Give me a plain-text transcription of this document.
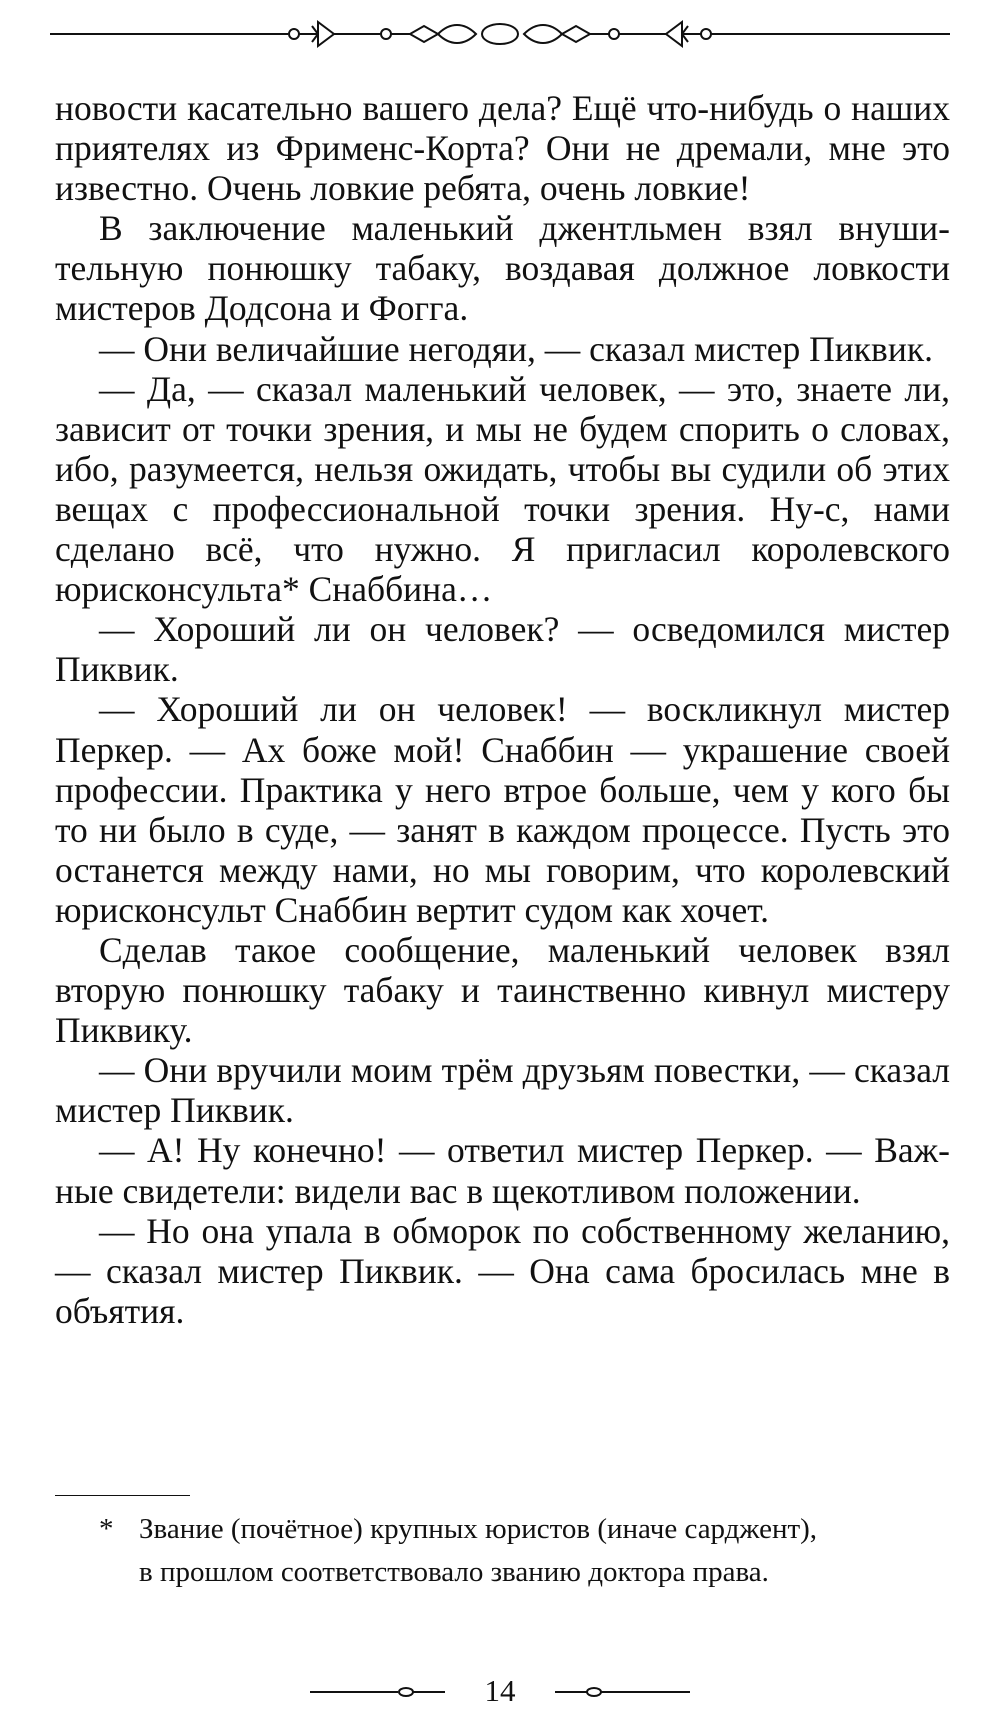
новости касательно вашего дела? Ещё что-нибудь о наших приятелях из Фрименс-Корта? Они не дремали, мне это известно. Очень ловкие ребята, очень ловкие!

В заключение маленький джентльмен взял внушительную понюшку табаку, воздавая должное ловкости мистеров Додсона и Фогга.

— Они величайшие негодяи, — сказал мистер Пиквик.

— Да, — сказал маленький человек, — это, знаете ли, зависит от точки зрения, и мы не будем спорить о словах, ибо, разумеется, нельзя ожидать, чтобы вы судили об этих вещах с профессиональной точки зрения. Ну-с, нами сделано всё, что нужно. Я пригласил королевского юрисконсульта* Снаббина…

— Хороший ли он человек? — осведомился мистер Пиквик.

— Хороший ли он человек! — воскликнул мистер Перкер. — Ах боже мой! Снаббин — украшение своей профессии. Практика у него втрое больше, чем у кого бы то ни было в суде, — занят в каждом процессе. Пусть это останется между нами, но мы говорим, что королевский юрисконсульт Снаббин вертит судом как хочет.

Сделав такое сообщение, маленький человек взял вторую понюшку табаку и таинственно кивнул мистеру Пиквику.

— Они вручили моим трём друзьям повестки, — сказал мистер Пиквик.

— А! Ну конечно! — ответил мистер Перкер. — Важные свидетели: видели вас в щекотливом положении.

— Но она упала в обморок по собственному желанию, — сказал мистер Пиквик. — Она сама бросилась мне в объятия.

* Звание (почётное) крупных юристов (иначе сарджент),
в прошлом соответствовало званию доктора права.
14
